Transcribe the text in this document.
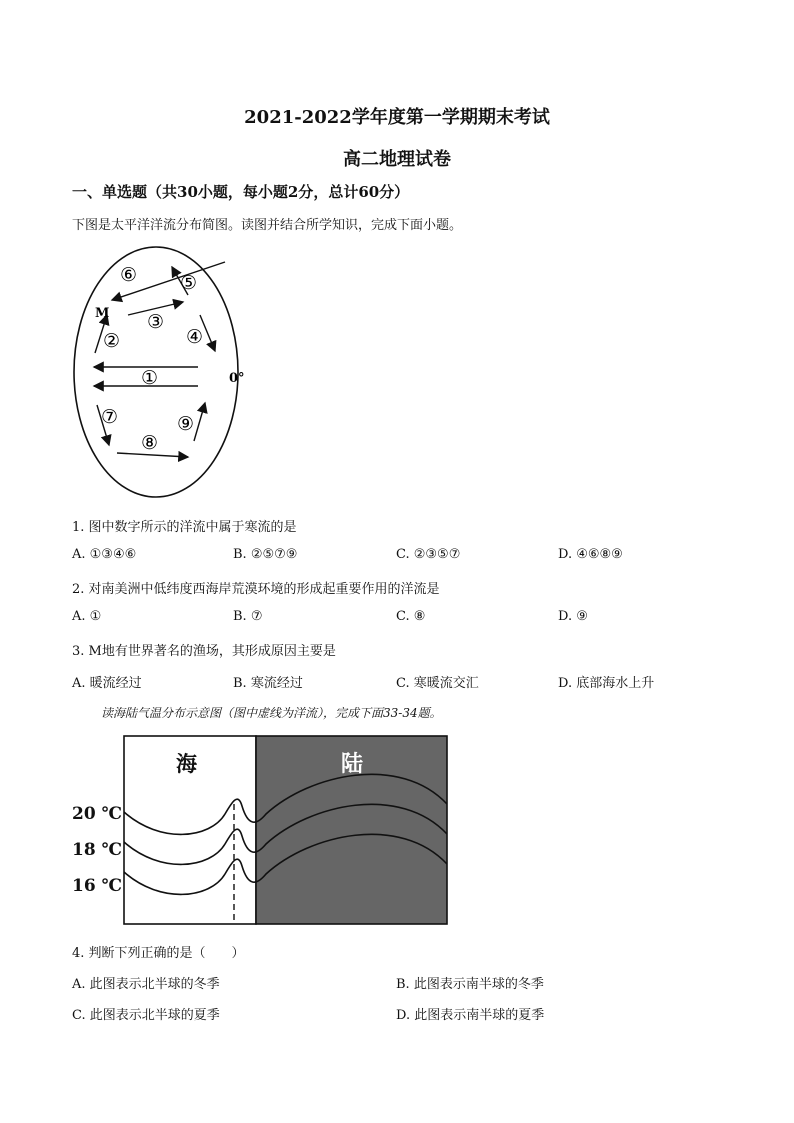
2021-2022学年度第一学期期末考试
高二地理试卷
一、单选题（共30小题，每小题2分，总计60分）
下图是太平洋洋流分布简图。读图并结合所学知识，完成下面小题。
⑥ ⑤
M ③
④
②
①	0°
⑦	⑨
⑧
1. 图中数字所示的洋流中属于寒流的是
A. ①③④⑥	B. ②⑤⑦⑨	C. ②③⑤⑦	D. ④⑥⑧⑨
2. 对南美洲中低纬度西海岸荒漠环境的形成起重要作用的洋流是
A. ①	B. ⑦	C. ⑧	D. ⑨
3. M地有世界著名的渔场，其形成原因主要是
A. 暖流经过	B. 寒流经过	C. 寒暖流交汇	D. 底部海水上升
读海陆气温分布示意图（图中虚线为洋流），完成下面33-34题。
海	陆
20 ℃
18 ℃
16 ℃
4. 判断下列正确的是（　　）
A. 此图表示北半球的冬季	B. 此图表示南半球的冬季
C. 此图表示北半球的夏季	D. 此图表示南半球的夏季
